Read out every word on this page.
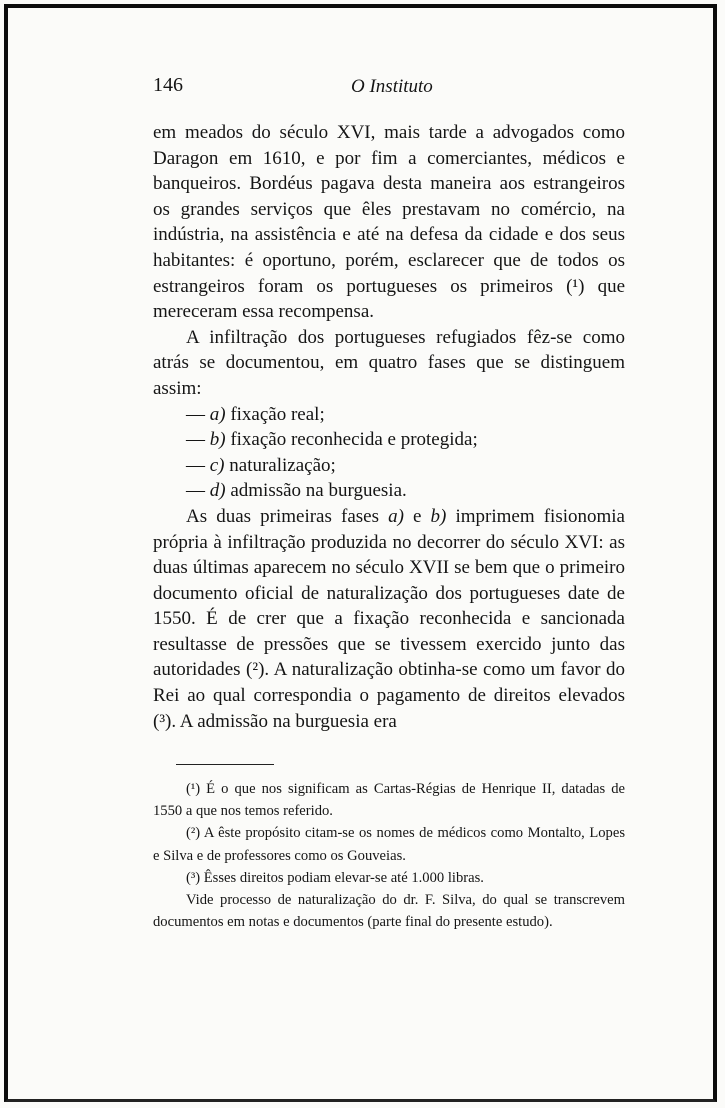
146	O Instituto

em meados do século XVI, mais tarde a advogados como Daragon em 1610, e por fim a comerciantes, médicos e banqueiros. Bordéus pagava desta maneira aos estrangeiros os grandes serviços que êles prestavam no comércio, na indústria, na assistência e até na defesa da cidade e dos seus habitantes: é oportuno, porém, esclarecer que de todos os estrangeiros foram os portugueses os primeiros (¹) que mereceram essa recompensa.

A infiltração dos portugueses refugiados fêz-se como atrás se documentou, em quatro fases que se distinguem assim:

— a) fixação real;

— b) fixação reconhecida e protegida;

— c) naturalização;

— d) admissão na burguesia.

As duas primeiras fases a) e b) imprimem fisionomia própria à infiltração produzida no decorrer do século XVI: as duas últimas aparecem no século XVII se bem que o primeiro documento oficial de naturalização dos portugueses date de 1550. É de crer que a fixação reconhecida e sancionada resultasse de pressões que se tivessem exercido junto das autoridades (²). A naturalização obtinha-se como um favor do Rei ao qual correspondia o pagamento de direitos elevados (³). A admissão na burguesia era

(¹) É o que nos significam as Cartas-Régias de Henrique II, datadas de 1550 a que nos temos referido.

(²) A êste propósito citam-se os nomes de médicos como Montalto, Lopes e Silva e de professores como os Gouveias.

(³) Êsses direitos podiam elevar-se até 1.000 libras.

Vide processo de naturalização do dr. F. Silva, do qual se transcrevem documentos em notas e documentos (parte final do presente estudo).
